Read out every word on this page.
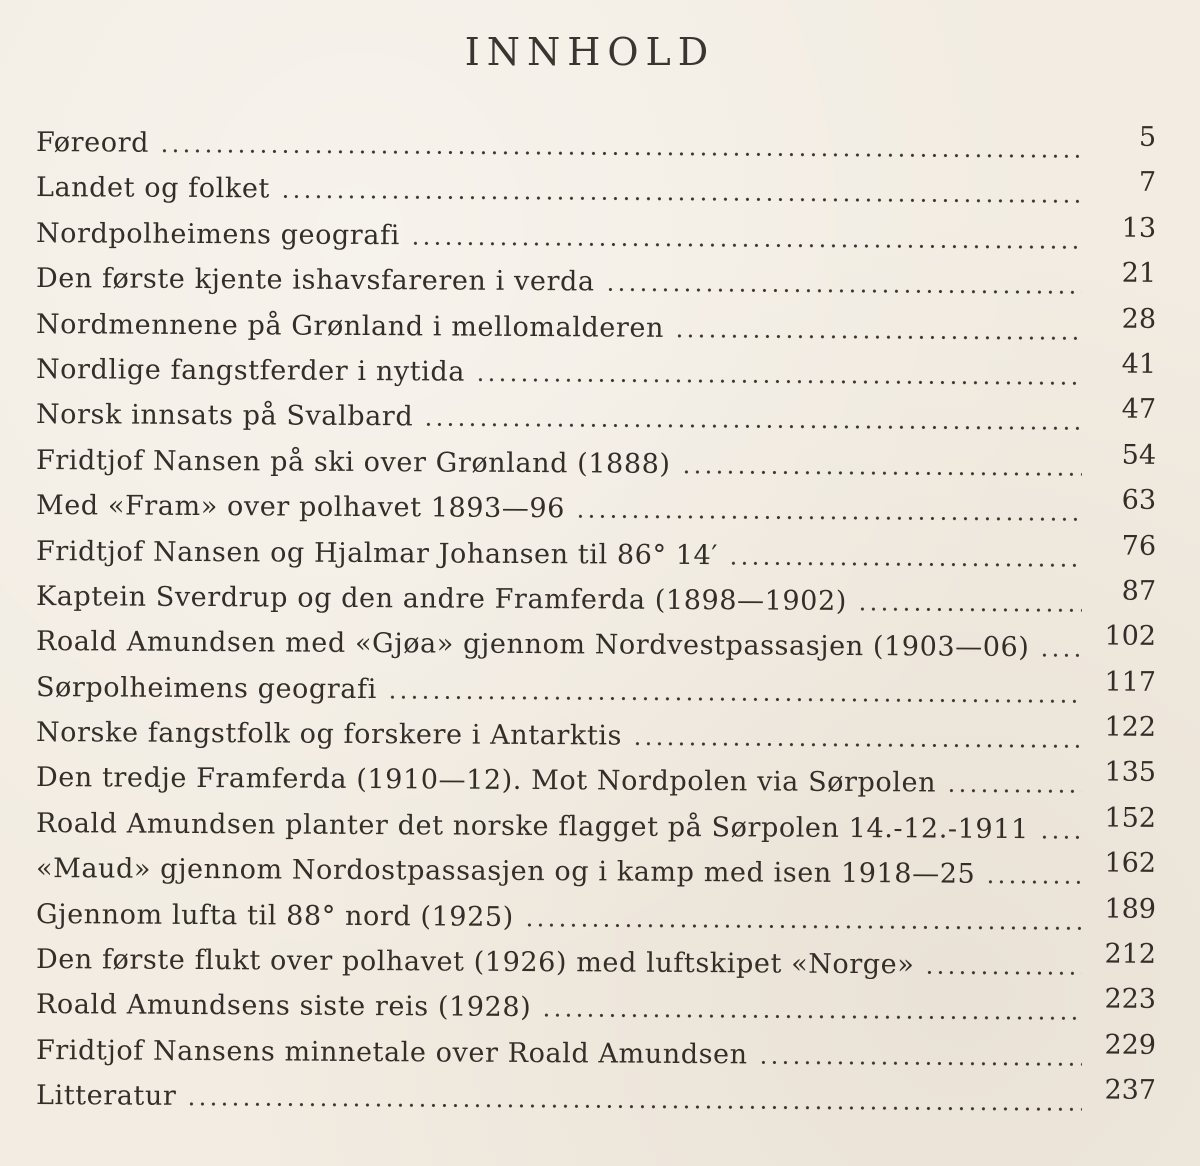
INNHOLD
Føreord	5
Landet og folket	7
Nordpolheimens geografi	13
Den første kjente ishavsfareren i verda	21
Nordmennene på Grønland i mellomalderen	28
Nordlige fangstferder i nytida	41
Norsk innsats på Svalbard	47
Fridtjof Nansen på ski over Grønland (1888)	54
Med «Fram» over polhavet 1893—96	63
Fridtjof Nansen og Hjalmar Johansen til 86° 14′	76
Kaptein Sverdrup og den andre Framferda (1898—1902)	87
Roald Amundsen med «Gjøa» gjennom Nordvestpassasjen (1903—06)	102
Sørpolheimens geografi	117
Norske fangstfolk og forskere i Antarktis	122
Den tredje Framferda (1910—12). Mot Nordpolen via Sørpolen	135
Roald Amundsen planter det norske flagget på Sørpolen 14.-12.-1911	152
«Maud» gjennom Nordostpassasjen og i kamp med isen 1918—25	162
Gjennom lufta til 88° nord (1925)	189
Den første flukt over polhavet (1926) med luftskipet «Norge»	212
Roald Amundsens siste reis (1928)	223
Fridtjof Nansens minnetale over Roald Amundsen	229
Litteratur	237
